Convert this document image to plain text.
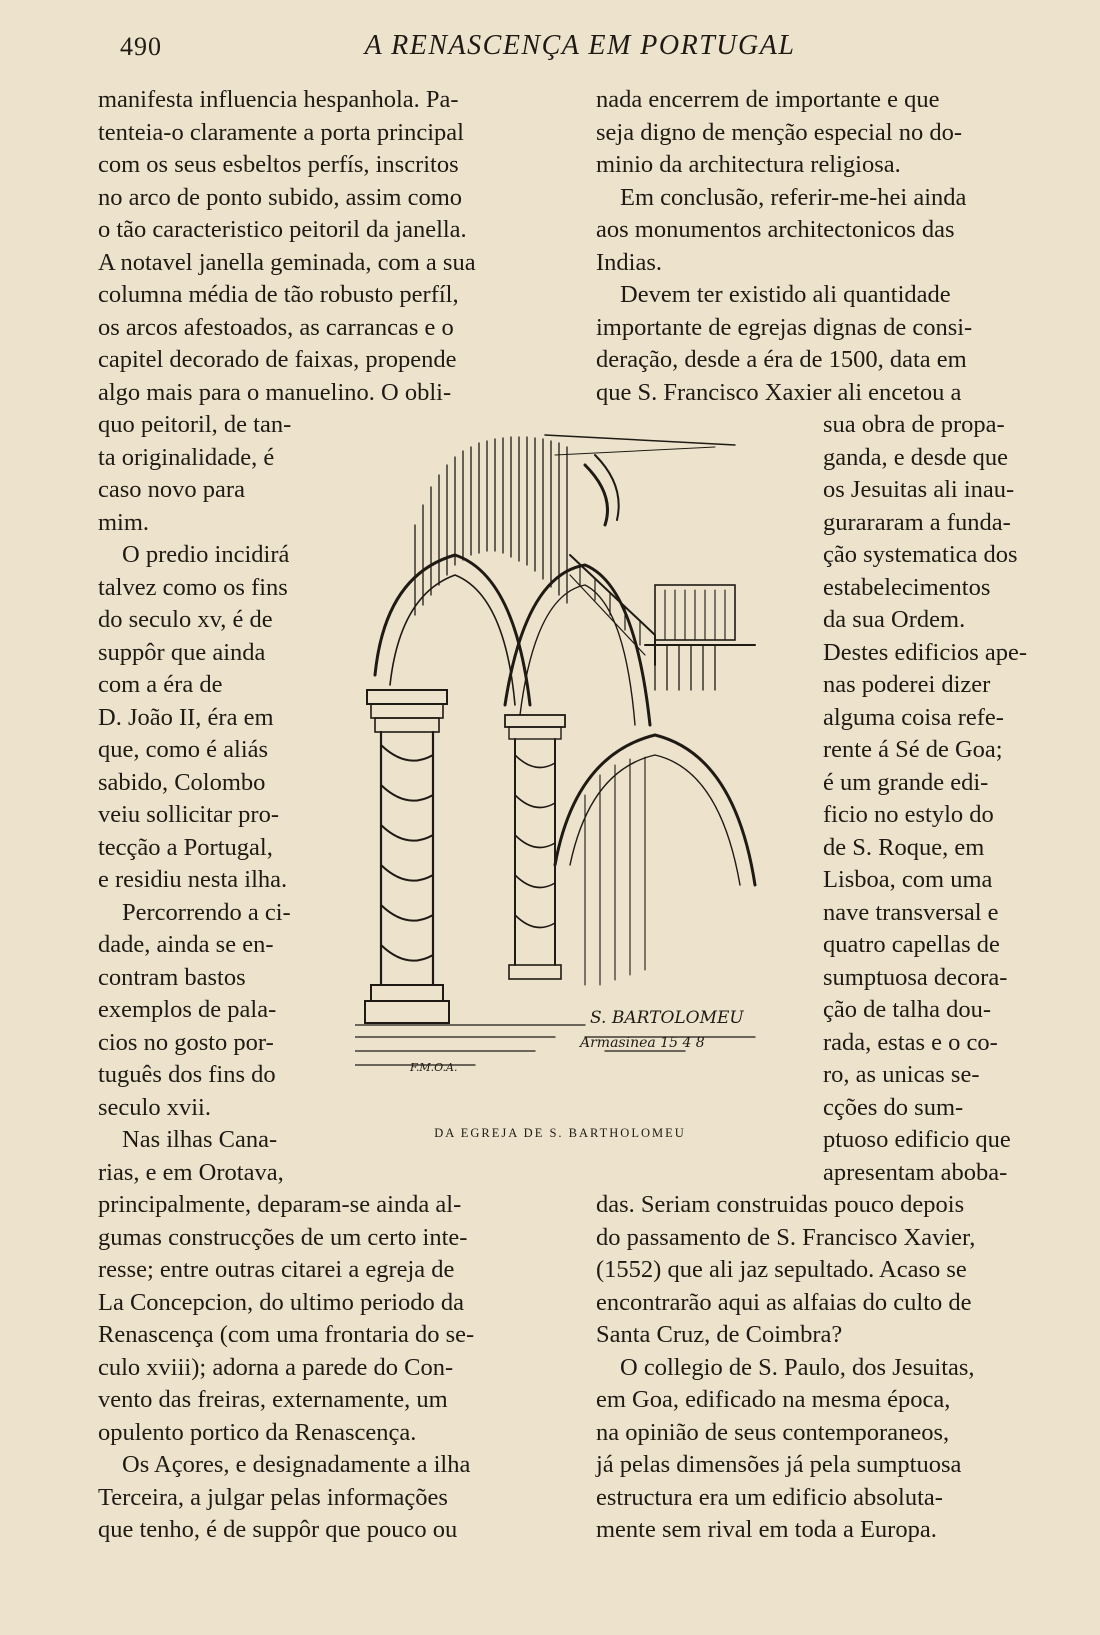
490	A RENASCENÇA EM PORTUGAL

manifesta influencia hespanhola. Pa-

tenteia-o claramente a porta principal

com os seus esbeltos perfís, inscritos

no arco de ponto subido, assim como

o tão caracteristico peitoril da janella.

A notavel janella geminada, com a sua

columna média de tão robusto perfíl,

os arcos afestoados, as carrancas e o

capitel decorado de faixas, propende

algo mais para o manuelino. O obli-

quo peitoril, de tan-

ta originalidade, é

caso novo para

mim.

O predio incidirá

talvez como os fins

do seculo xv, é de

suppôr que ainda

com a éra de

D. João II, éra em

que, como é aliás

sabido, Colombo

veiu sollicitar pro-

tecção a Portugal,

e residiu nesta ilha.

Percorrendo a ci-

dade, ainda se en-

contram bastos

exemplos de pala-

cios no gosto por-

tuguês dos fins do

seculo xvii.

Nas ilhas Cana-

rias, e em Orotava,

principalmente, deparam-se ainda al-

gumas construcções de um certo inte-

resse; entre outras citarei a egreja de

La Concepcion, do ultimo periodo da

Renascença (com uma frontaria do se-

culo xviii); adorna a parede do Con-

vento das freiras, externamente, um

opulento portico da Renascença.

Os Açores, e designadamente a ilha

Terceira, a julgar pelas informações

que tenho, é de suppôr que pouco ou

nada encerrem de importante e que

seja digno de menção especial no do-

minio da architectura religiosa.

Em conclusão, referir-me-hei ainda

aos monumentos architectonicos das

Indias.

Devem ter existido ali quantidade

importante de egrejas dignas de consi-

deração, desde a éra de 1500, data em

que S. Francisco Xaxier ali encetou a

sua obra de propa-

ganda, e desde que

os Jesuitas ali inau-

gurararam a funda-

ção systematica dos

estabelecimentos

da sua Ordem.

Destes edificios ape-

nas poderei dizer

alguma coisa refe-

rente á Sé de Goa;

é um grande edi-

ficio no estylo do

de S. Roque, em

Lisboa, com uma

nave transversal e

quatro capellas de

sumptuosa decora-

ção de talha dou-

rada, estas e o co-

ro, as unicas se-

cções do sum-

ptuoso edificio que

apresentam aboba-

das. Seriam construidas pouco depois

do passamento de S. Francisco Xavier,

(1552) que ali jaz sepultado. Acaso se

encontrarão aqui as alfaias do culto de

Santa Cruz, de Coimbra?

O collegio de S. Paulo, dos Jesuitas,

em Goa, edificado na mesma época,

na opinião de seus contemporaneos,

já pelas dimensões já pela sumptuosa

estructura era um edificio absoluta-

mente sem rival em toda a Europa.

S. BARTOLOMEU
Armasinea 15 4 8
F.M.O.A.
DA EGREJA DE S. BARTHOLOMEU
